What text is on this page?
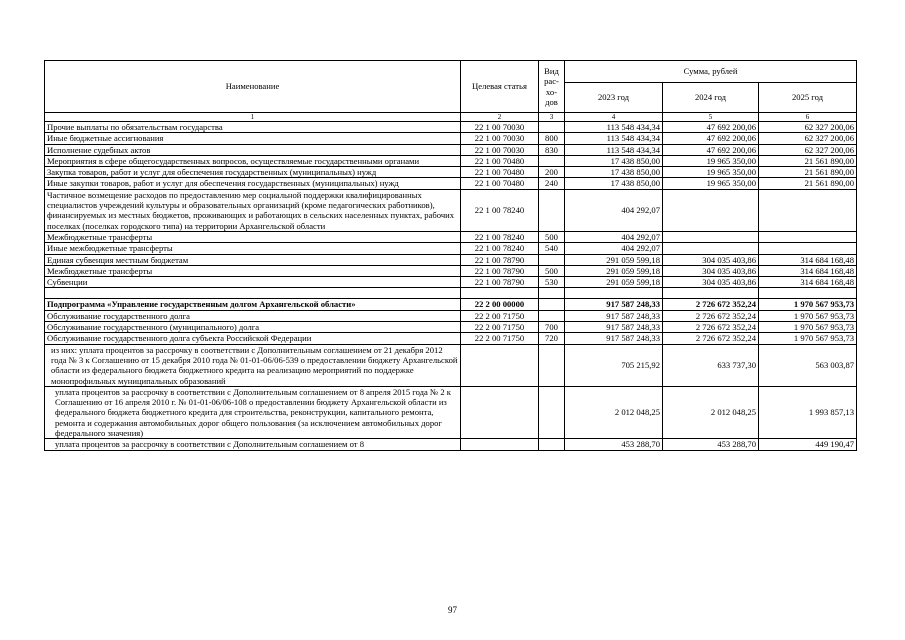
Наименование	Целевая статья	Вид рас-хо-дов	Сумма, рублей		
			2023 год	2024 год	2025 год
1	2	3	4	5	6
Прочие выплаты по обязательствам государства	22 1 00 70030		113 548 434,34	47 692 200,06	62 327 200,06
Иные бюджетные ассигнования	22 1 00 70030	800	113 548 434,34	47 692 200,06	62 327 200,06
Исполнение судебных актов	22 1 00 70030	830	113 548 434,34	47 692 200,06	62 327 200,06
Мероприятия в сфере общегосударственных вопросов, осуществляемые государственными органами	22 1 00 70480		17 438 850,00	19 965 350,00	21 561 890,00
Закупка товаров, работ и услуг для обеспечения государственных (муниципальных) нужд	22 1 00 70480	200	17 438 850,00	19 965 350,00	21 561 890,00
Иные закупки товаров, работ и услуг для обеспечения государственных (муниципальных) нужд	22 1 00 70480	240	17 438 850,00	19 965 350,00	21 561 890,00
Частичное возмещение расходов по предоставлению мер социальной поддержки квалифицированных специалистов учреждений культуры и образовательных организаций (кроме педагогических работников), финансируемых из местных бюджетов, проживающих и работающих в сельских населенных пунктах, рабочих поселках (поселках городского типа) на территории Архангельской области	22 1 00 78240		404 292,07		
Межбюджетные трансферты	22 1 00 78240	500	404 292,07		
Иные межбюджетные трансферты	22 1 00 78240	540	404 292,07		
Единая субвенция местным бюджетам	22 1 00 78790		291 059 599,18	304 035 403,86	314 684 168,48
Межбюджетные трансферты	22 1 00 78790	500	291 059 599,18	304 035 403,86	314 684 168,48
Субвенции	22 1 00 78790	530	291 059 599,18	304 035 403,86	314 684 168,48

Подпрограмма «Управление государственным долгом Архангельской области»	22 2 00 00000		917 587 248,33	2 726 672 352,24	1 970 567 953,73
Обслуживание государственного долга	22 2 00 71750		917 587 248,33	2 726 672 352,24	1 970 567 953,73
Обслуживание государственного (муниципального) долга	22 2 00 71750	700	917 587 248,33	2 726 672 352,24	1 970 567 953,73
Обслуживание государственного долга субъекта Российской Федерации	22 2 00 71750	720	917 587 248,33	2 726 672 352,24	1 970 567 953,73
из них: уплата процентов за рассрочку в соответствии с Дополнительным соглашением от 21 декабря 2012 года № 3 к Соглашению от 15 декабря 2010 года № 01-01-06/06-539 о предоставлении бюджету Архангельской области из федерального бюджета бюджетного кредита на реализацию мероприятий по поддержке монопрофильных муниципальных образований			705 215,92	633 737,30	563 003,87
уплата процентов за рассрочку в соответствии с Дополнительным соглашением от 8 апреля 2015 года № 2 к Соглашению от 16 апреля 2010 г. № 01-01-06/06-108 о предоставлении бюджету Архангельской области из федерального бюджета бюджетного кредита для строительства, реконструкции, капитального ремонта, ремонта и содержания автомобильных дорог общего пользования (за исключением автомобильных дорог федерального значения)			2 012 048,25	2 012 048,25	1 993 857,13
уплата процентов за рассрочку в соответствии с Дополнительным соглашением от 8			453 288,70	453 288,70	449 190,47
97
